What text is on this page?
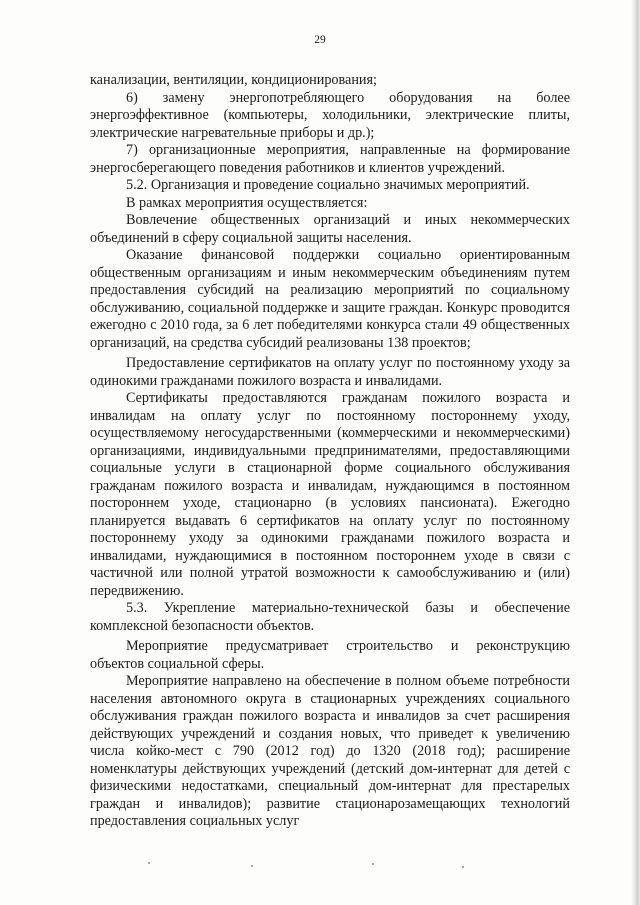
29

канализации, вентиляции, кондиционирования;

6) замену энергопотребляющего оборудования на более энергоэффективное (компьютеры, холодильники, электрические плиты, электрические нагревательные приборы и др.);

7) организационные мероприятия, направленные на формирование энергосберегающего поведения работников и клиентов учреждений.

5.2. Организация и проведение социально значимых мероприятий.

В рамках мероприятия осуществляется:

Вовлечение общественных организаций и иных некоммерческих объединений в сферу социальной защиты населения.

Оказание финансовой поддержки социально ориентированным общественным организациям и иным некоммерческим объединениям путем предоставления субсидий на реализацию мероприятий по социальному обслуживанию, социальной поддержке и защите граждан. Конкурс проводится ежегодно с 2010 года, за 6 лет победителями конкурса стали 49 общественных организаций, на средства субсидий реализованы 138 проектов;

Предоставление сертификатов на оплату услуг по постоянному уходу за одинокими гражданами пожилого возраста и инвалидами.

Сертификаты предоставляются гражданам пожилого возраста и инвалидам на оплату услуг по постоянному постороннему уходу, осуществляемому негосударственными (коммерческими и некоммерческими) организациями, индивидуальными предпринимателями, предоставляющими социальные услуги в стационарной форме социального обслуживания гражданам пожилого возраста и инвалидам, нуждающимся в постоянном постороннем уходе, стационарно (в условиях пансионата). Ежегодно планируется выдавать 6 сертификатов на оплату услуг по постоянному постороннему уходу за одинокими гражданами пожилого возраста и инвалидами, нуждающимися в постоянном постороннем уходе в связи с частичной или полной утратой возможности к самообслуживанию и (или) передвижению.

5.3. Укрепление материально-технической базы и обеспечение комплексной безопасности объектов.

Мероприятие предусматривает строительство и реконструкцию объектов социальной сферы.

Мероприятие направлено на обеспечение в полном объеме потребности населения автономного округа в стационарных учреждениях социального обслуживания граждан пожилого возраста и инвалидов за счет расширения действующих учреждений и создания новых, что приведет к увеличению числа койко-мест с 790 (2012 год) до 1320 (2018 год); расширение номенклатуры действующих учреждений (детский дом-интернат для детей с физическими недостатками, специальный дом-интернат для престарелых граждан и инвалидов); развитие стационарозамещающих технологий предоставления социальных услуг
